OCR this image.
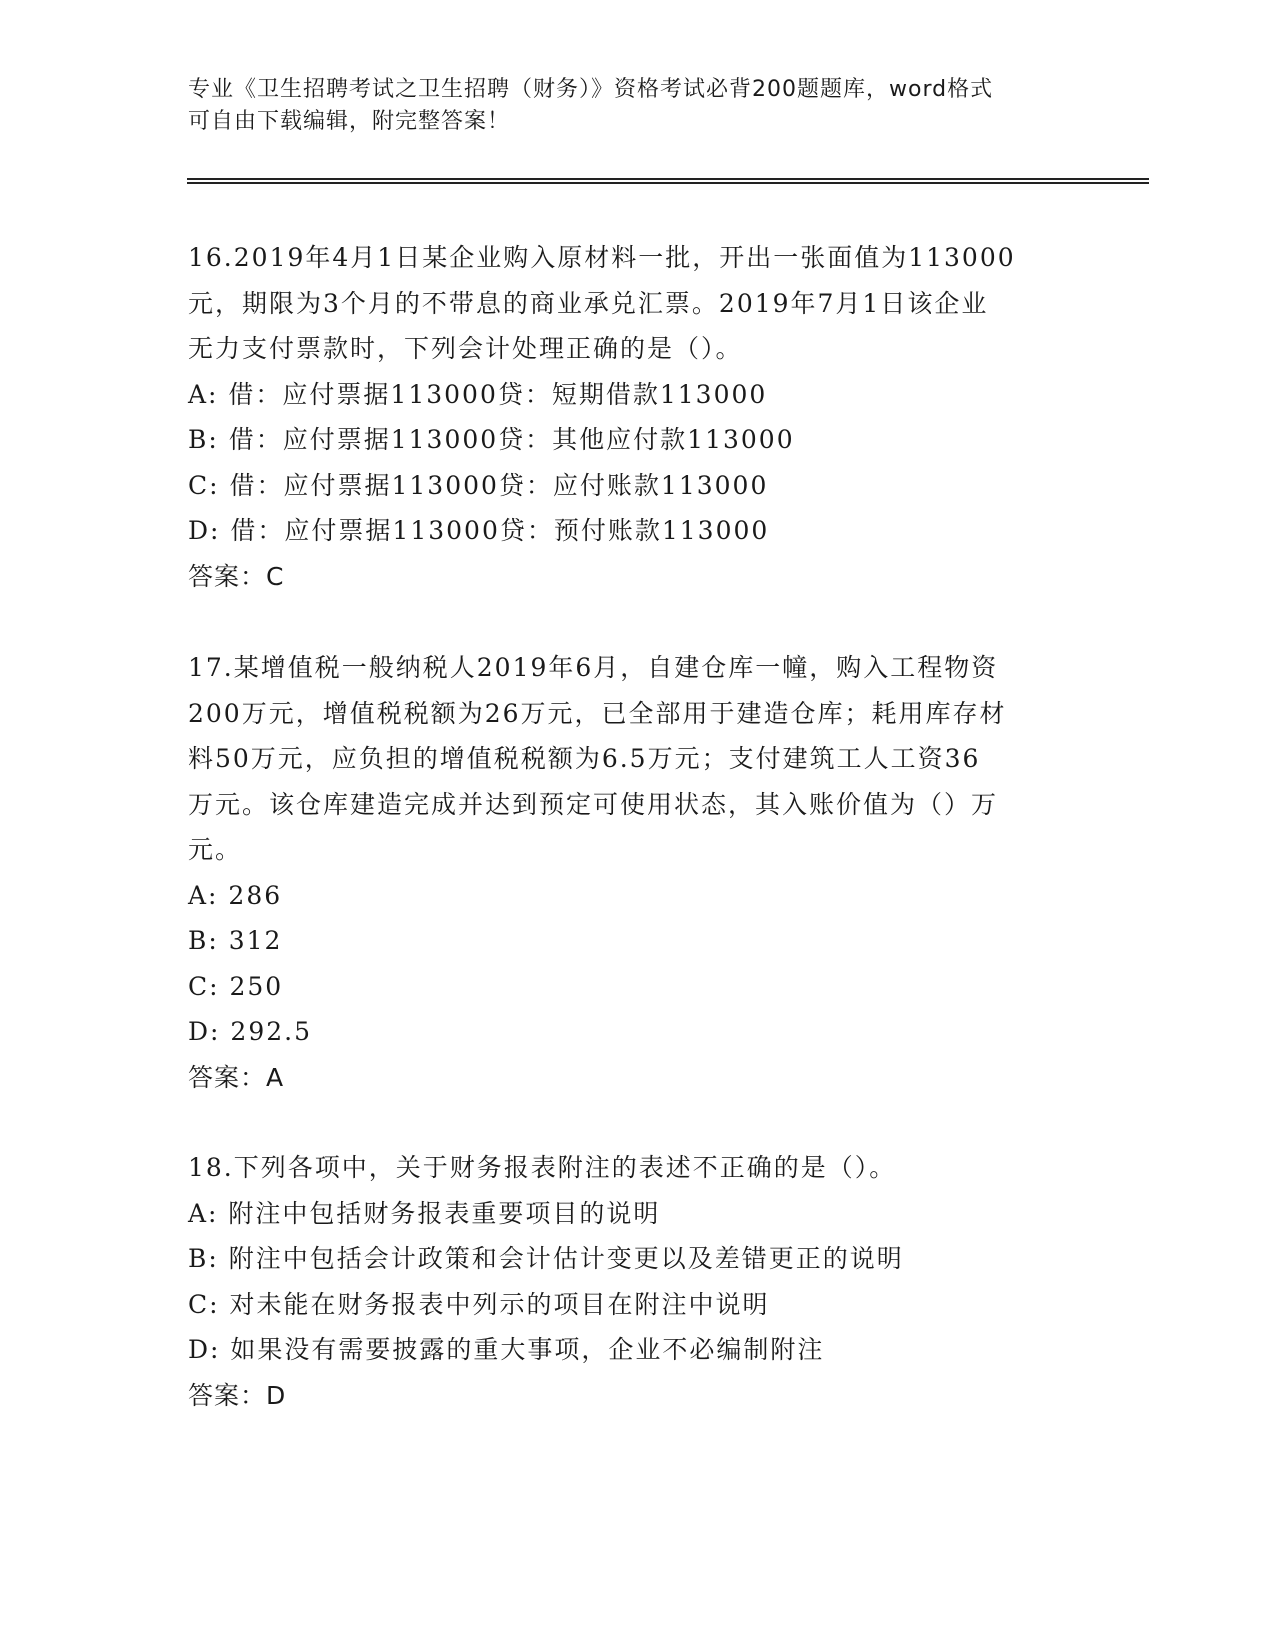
专业《卫生招聘考试之卫生招聘（财务）》资格考试必背200题题库，word格式
可自由下载编辑，附完整答案！
16.2019年4月1日某企业购入原材料一批，开出一张面值为113000
元，期限为3个月的不带息的商业承兑汇票。2019年7月1日该企业
无力支付票款时，下列会计处理正确的是（）。
A: 借：应付票据113000贷：短期借款113000
B: 借：应付票据113000贷：其他应付款113000
C: 借：应付票据113000贷：应付账款113000
D: 借：应付票据113000贷：预付账款113000
答案：C
17.某增值税一般纳税人2019年6月，自建仓库一幢，购入工程物资
200万元，增值税税额为26万元，已全部用于建造仓库；耗用库存材
料50万元，应负担的增值税税额为6.5万元；支付建筑工人工资36
万元。该仓库建造完成并达到预定可使用状态，其入账价值为（）万
元。
A: 286
B: 312
C: 250
D: 292.5
答案：A
18.下列各项中，关于财务报表附注的表述不正确的是（）。
A: 附注中包括财务报表重要项目的说明
B: 附注中包括会计政策和会计估计变更以及差错更正的说明
C: 对未能在财务报表中列示的项目在附注中说明
D: 如果没有需要披露的重大事项，企业不必编制附注
答案：D
